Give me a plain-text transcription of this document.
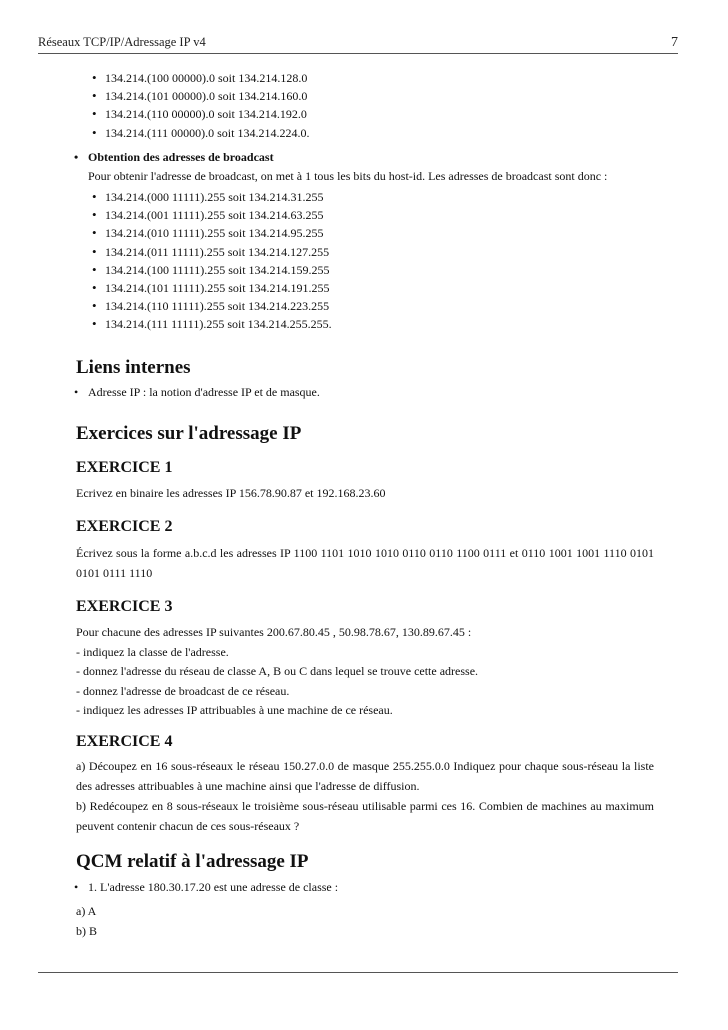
Réseaux TCP/IP/Adressage IP v4	7
• 134.214.(100 00000).0 soit 134.214.128.0
• 134.214.(101 00000).0 soit 134.214.160.0
• 134.214.(110 00000).0 soit 134.214.192.0
• 134.214.(111 00000).0 soit 134.214.224.0.
• Obtention des adresses de broadcast
Pour obtenir l'adresse de broadcast, on met à 1 tous les bits du host-id. Les adresses de broadcast sont donc :
• 134.214.(000 11111).255 soit 134.214.31.255
• 134.214.(001 11111).255 soit 134.214.63.255
• 134.214.(010 11111).255 soit 134.214.95.255
• 134.214.(011 11111).255 soit 134.214.127.255
• 134.214.(100 11111).255 soit 134.214.159.255
• 134.214.(101 11111).255 soit 134.214.191.255
• 134.214.(110 11111).255 soit 134.214.223.255
• 134.214.(111 11111).255 soit 134.214.255.255.
Liens internes
• Adresse IP : la notion d'adresse IP et de masque.
Exercices sur l'adressage IP
EXERCICE 1
Ecrivez en binaire les adresses IP 156.78.90.87 et 192.168.23.60
EXERCICE 2
Écrivez sous la forme a.b.c.d les adresses IP 1100 1101 1010 1010 0110 0110 1100 0111 et 0110 1001 1001 1110 0101 0101 0111 1110
EXERCICE 3
Pour chacune des adresses IP suivantes 200.67.80.45 , 50.98.78.67, 130.89.67.45 :
- indiquez la classe de l'adresse.
- donnez l'adresse du réseau de classe A, B ou C dans lequel se trouve cette adresse.
- donnez l'adresse de broadcast de ce réseau.
- indiquez les adresses IP attribuables à une machine de ce réseau.
EXERCICE 4
a) Découpez en 16 sous-réseaux le réseau 150.27.0.0 de masque 255.255.0.0 Indiquez pour chaque sous-réseau la liste des adresses attribuables à une machine ainsi que l'adresse de diffusion.
b) Redécoupez en 8 sous-réseaux le troisième sous-réseau utilisable parmi ces 16. Combien de machines au maximum peuvent contenir chacun de ces sous-réseaux ?
QCM relatif à l'adressage IP
• 1. L'adresse 180.30.17.20 est une adresse de classe :
a) A
b) B
